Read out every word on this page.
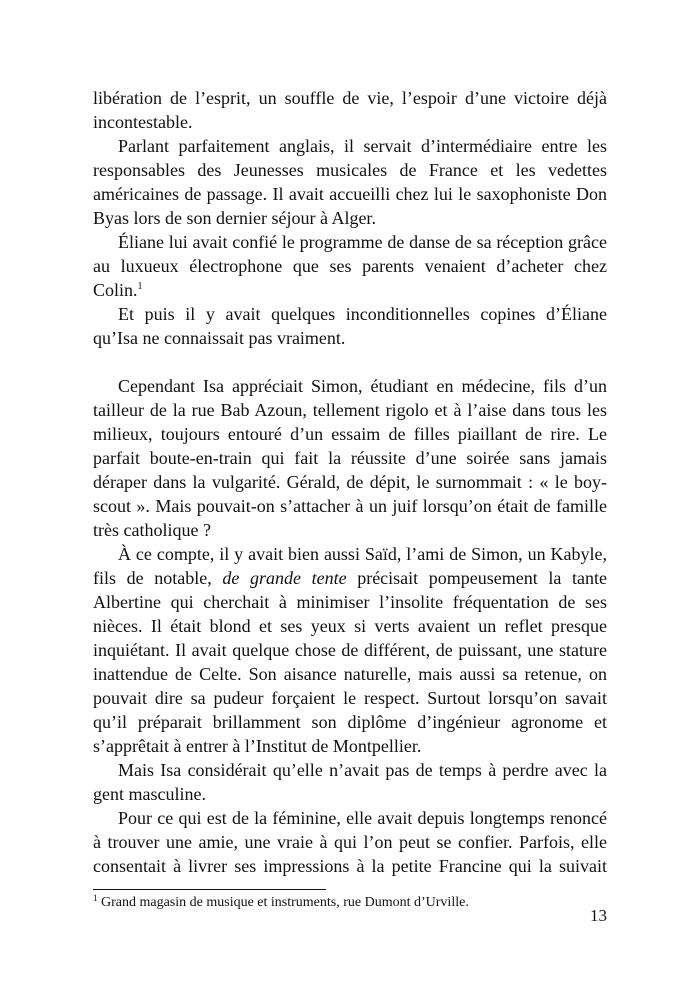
libération de l’esprit, un souffle de vie, l’espoir d’une victoire déjà
incontestable.
Parlant parfaitement anglais, il servait d’intermédiaire entre les
responsables des Jeunesses musicales de France et les vedettes
américaines de passage. Il avait accueilli chez lui le saxophoniste Don
Byas lors de son dernier séjour à Alger.
Éliane lui avait confié le programme de danse de sa réception grâce
au luxueux électrophone que ses parents venaient d’acheter chez
Colin.$^1$
Et puis il y avait quelques inconditionnelles copines d’Éliane
qu’Isa ne connaissait pas vraiment.
Cependant Isa appréciait Simon, étudiant en médecine, fils d’un
tailleur de la rue Bab Azoun, tellement rigolo et à l’aise dans tous les
milieux, toujours entouré d’un essaim de filles piaillant de rire. Le
parfait boute-en-train qui fait la réussite d’une soirée sans jamais
déraper dans la vulgarité. Gérald, de dépit, le surnommait : « le boy-
scout ». Mais pouvait-on s’attacher à un juif lorsqu’on était de famille
très catholique ?
À ce compte, il y avait bien aussi Saïd, l’ami de Simon, un Kabyle,
fils de notable, de grande tente précisait pompeusement la tante
Albertine qui cherchait à minimiser l’insolite fréquentation de ses
nièces. Il était blond et ses yeux si verts avaient un reflet presque
inquiétant. Il avait quelque chose de différent, de puissant, une stature
inattendue de Celte. Son aisance naturelle, mais aussi sa retenue, on
pouvait dire sa pudeur forçaient le respect. Surtout lorsqu’on savait
qu’il préparait brillamment son diplôme d’ingénieur agronome et
s’apprêtait à entrer à l’Institut de Montpellier.
Mais Isa considérait qu’elle n’avait pas de temps à perdre avec la
gent masculine.
Pour ce qui est de la féminine, elle avait depuis longtemps renoncé
à trouver une amie, une vraie à qui l’on peut se confier. Parfois, elle
consentait à livrer ses impressions à la petite Francine qui la suivait
$^1$ Grand magasin de musique et instruments, rue Dumont d’Urville.
13
